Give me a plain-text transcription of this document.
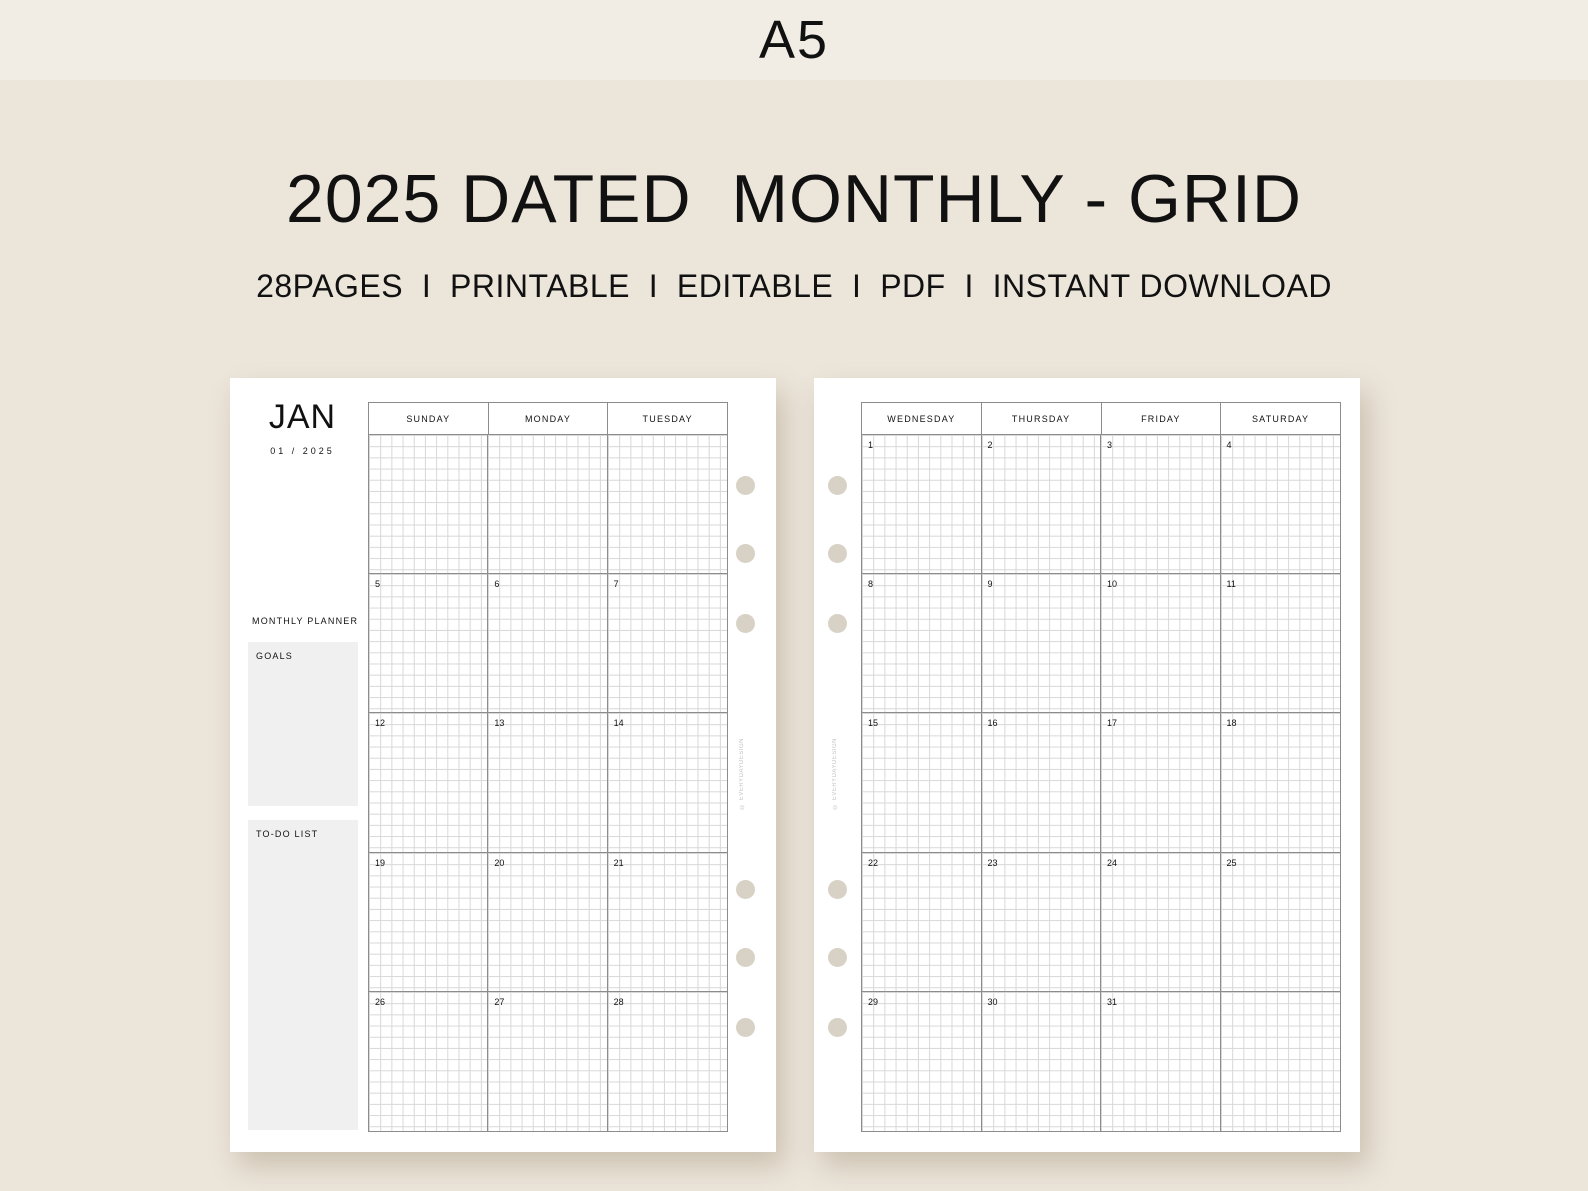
A5
2025 DATED  MONTHLY - GRID
28PAGES  I  PRINTABLE  I  EDITABLE  I  PDF  I  INSTANT DOWNLOAD
JAN
01 / 2025
MONTHLY PLANNER
GOALS
TO-DO LIST
SUNDAY	MONDAY	TUESDAY
5	6	7
12	13	14
19	20	21
26	27	28
© EVERYDAYDESIGN	© EVERYDAYDESIGN
WEDNESDAY	THURSDAY	FRIDAY	SATURDAY
1	2	3	4
8	9	10	11
15	16	17	18
22	23	24	25
29	30	31
